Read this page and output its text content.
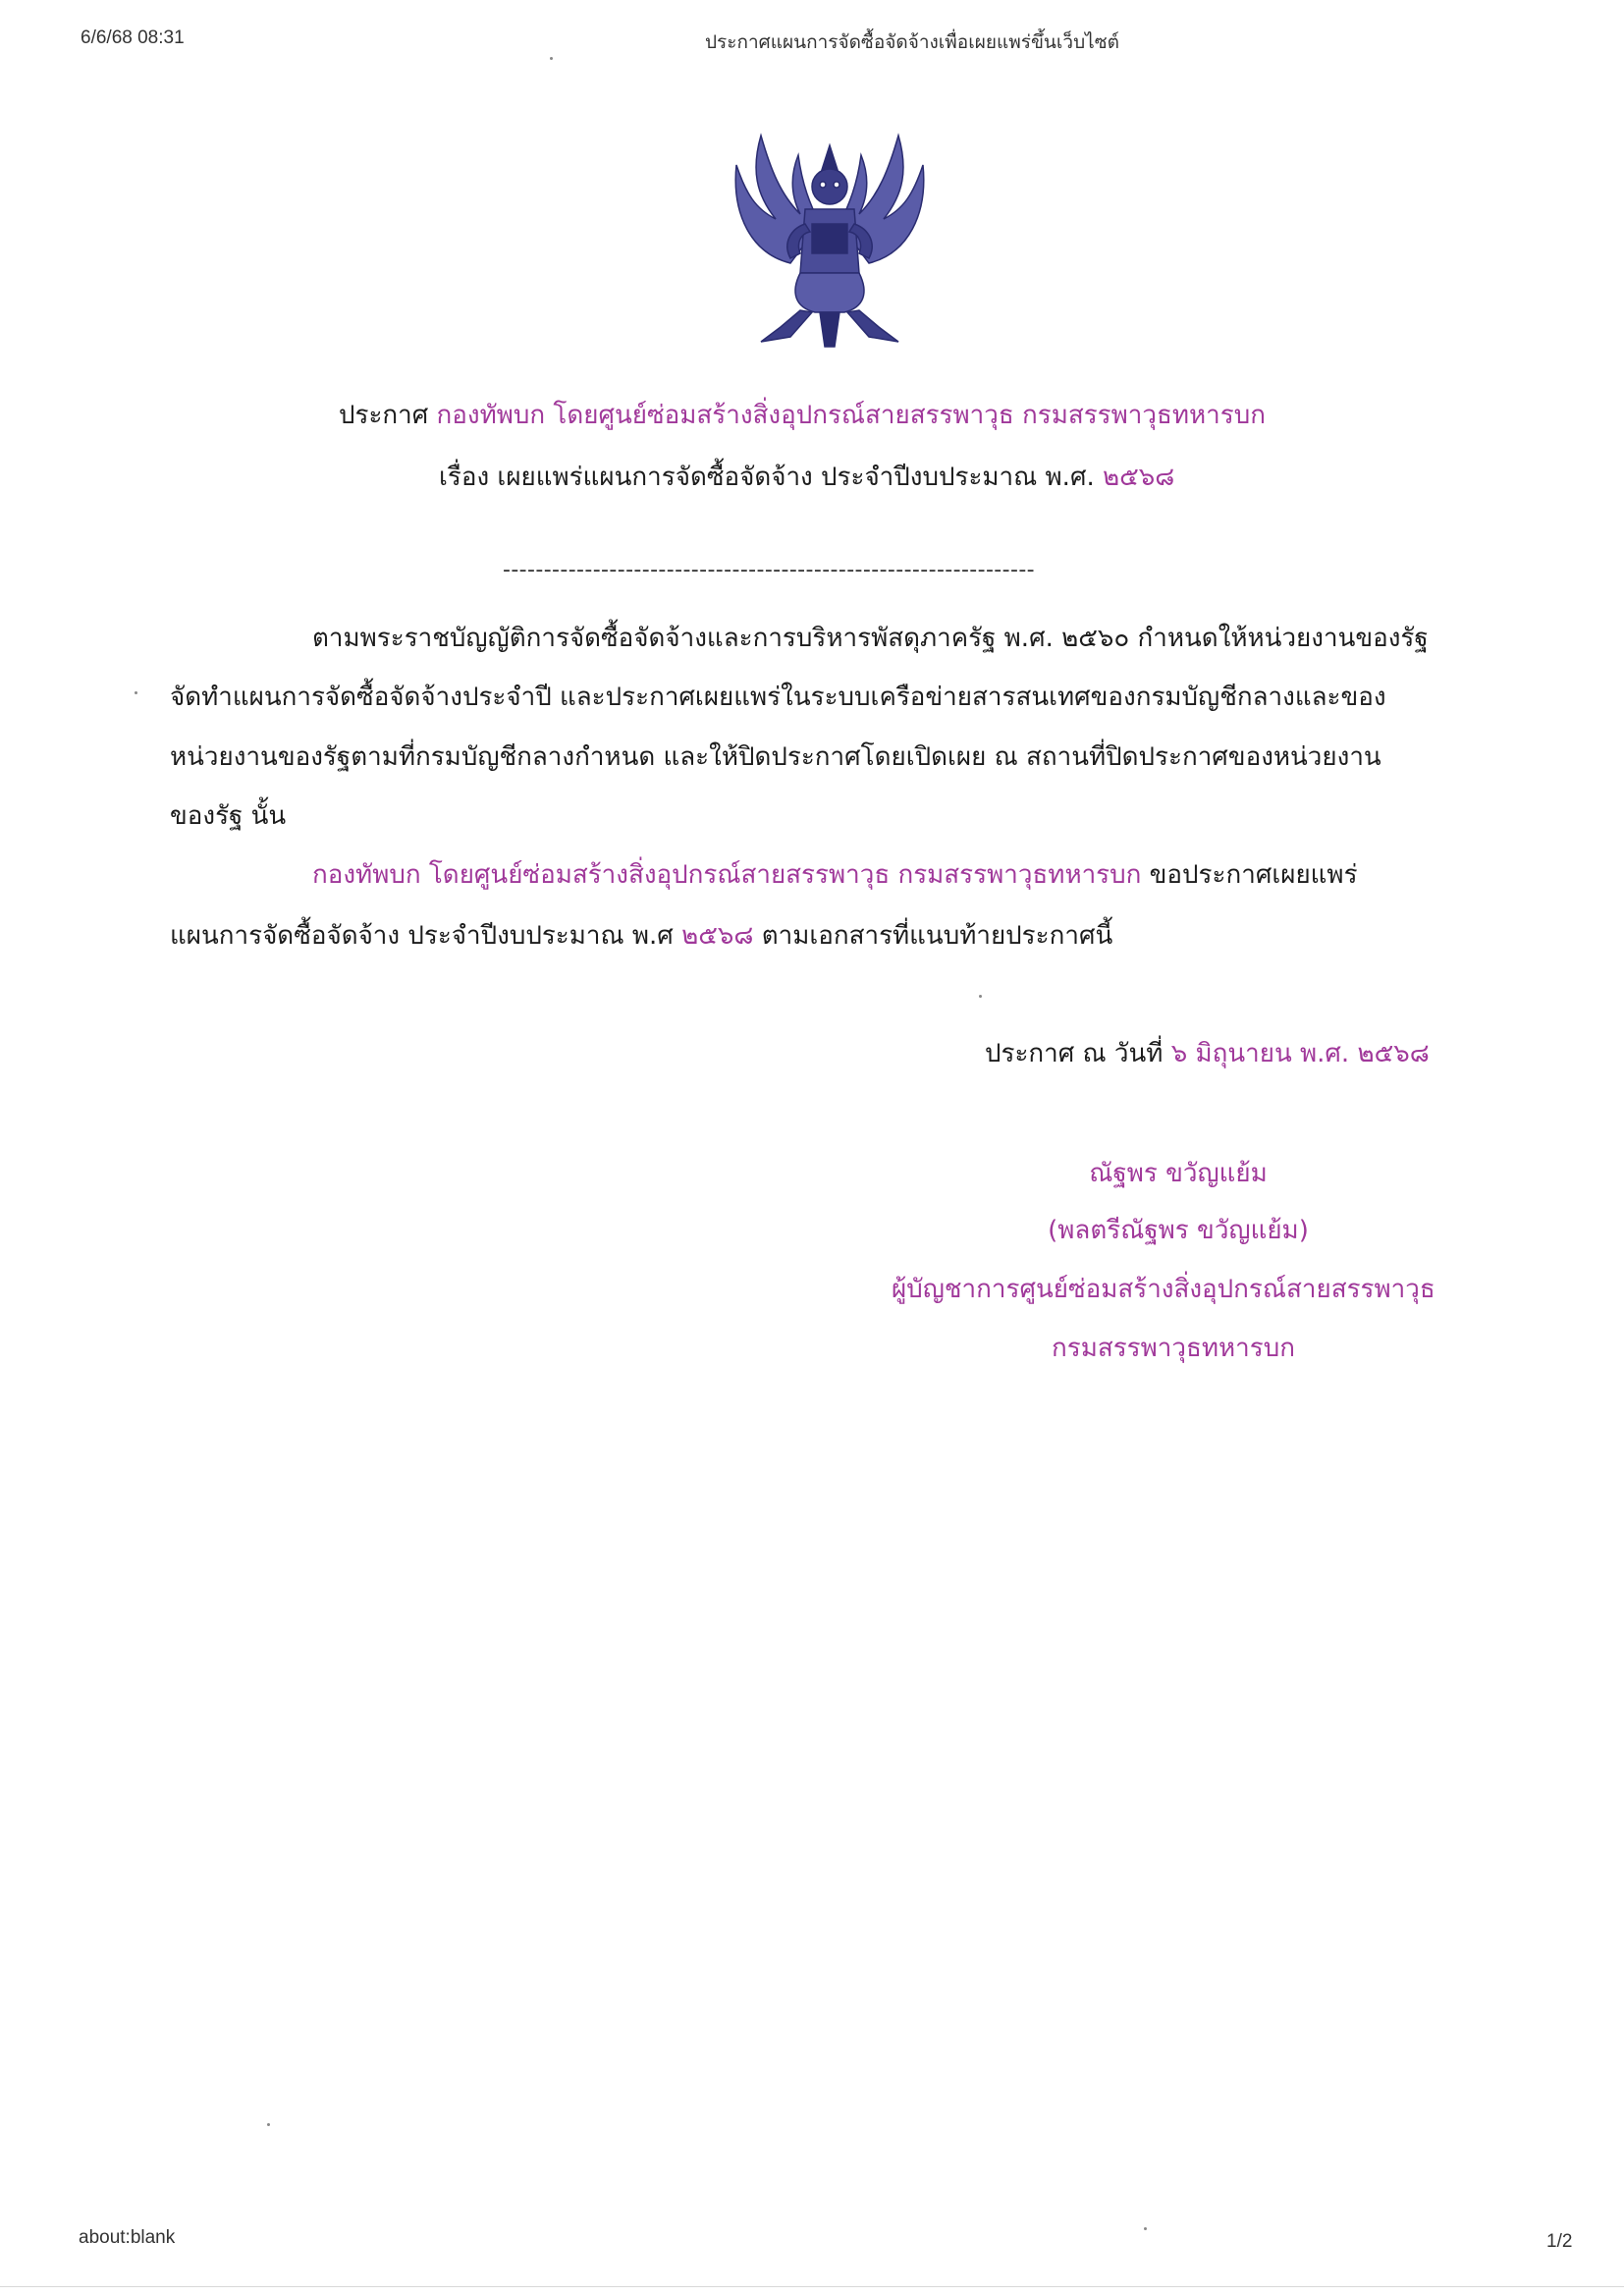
6/6/68 08:31	ประกาศแผนการจัดซื้อจัดจ้างเพื่อเผยแพร่ขึ้นเว็บไซต์
ประกาศ กองทัพบก โดยศูนย์ซ่อมสร้างสิ่งอุปกรณ์สายสรรพาวุธ กรมสรรพาวุธทหารบก
เรื่อง เผยแพร่แผนการจัดซื้อจัดจ้าง ประจำปีงบประมาณ พ.ศ. ๒๕๖๘
-----------------------------------------------------------------
ตามพระราชบัญญัติการจัดซื้อจัดจ้างและการบริหารพัสดุภาครัฐ พ.ศ. ๒๕๖๐ กำหนดให้หน่วยงานของรัฐ
จัดทำแผนการจัดซื้อจัดจ้างประจำปี และประกาศเผยแพร่ในระบบเครือข่ายสารสนเทศของกรมบัญชีกลางและของ
หน่วยงานของรัฐตามที่กรมบัญชีกลางกำหนด และให้ปิดประกาศโดยเปิดเผย ณ สถานที่ปิดประกาศของหน่วยงาน
ของรัฐ นั้น
กองทัพบก โดยศูนย์ซ่อมสร้างสิ่งอุปกรณ์สายสรรพาวุธ กรมสรรพาวุธทหารบก ขอประกาศเผยแพร่
แผนการจัดซื้อจัดจ้าง ประจำปีงบประมาณ พ.ศ ๒๕๖๘ ตามเอกสารที่แนบท้ายประกาศนี้
ประกาศ ณ วันที่ ๖ มิถุนายน พ.ศ. ๒๕๖๘
ณัฐพร ขวัญแย้ม
(พลตรีณัฐพร ขวัญแย้ม)
ผู้บัญชาการศูนย์ซ่อมสร้างสิ่งอุปกรณ์สายสรรพาวุธ
กรมสรรพาวุธทหารบก
about:blank	1/2
